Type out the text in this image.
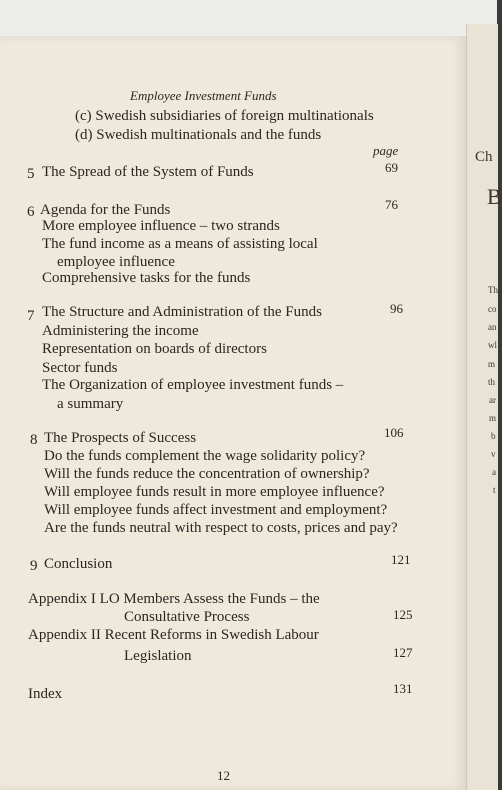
Employee Investment Funds
(c) Swedish subsidiaries of foreign multinationals
(d) Swedish multinationals and the funds
page
5 The Spread of the System of Funds	69
6 Agenda for the Funds	76
More employee influence – two strands
The fund income as a means of assisting local
employee influence
Comprehensive tasks for the funds
7 The Structure and Administration of the Funds	96
Administering the income
Representation on boards of directors
Sector funds
The Organization of employee investment funds –
a summary
8 The Prospects of Success	106
Do the funds complement the wage solidarity policy?
Will the funds reduce the concentration of ownership?
Will employee funds result in more employee influence?
Will employee funds affect investment and employment?
Are the funds neutral with respect to costs, prices and pay?
9 Conclusion	121
Appendix I LO Members Assess the Funds – the
Consultative Process	125
Appendix II Recent Reforms in Swedish Labour
Legislation	127
Index	131
12
Ch
B
Th
co
an
wl
m
th
ar
m
b
v
a
t
